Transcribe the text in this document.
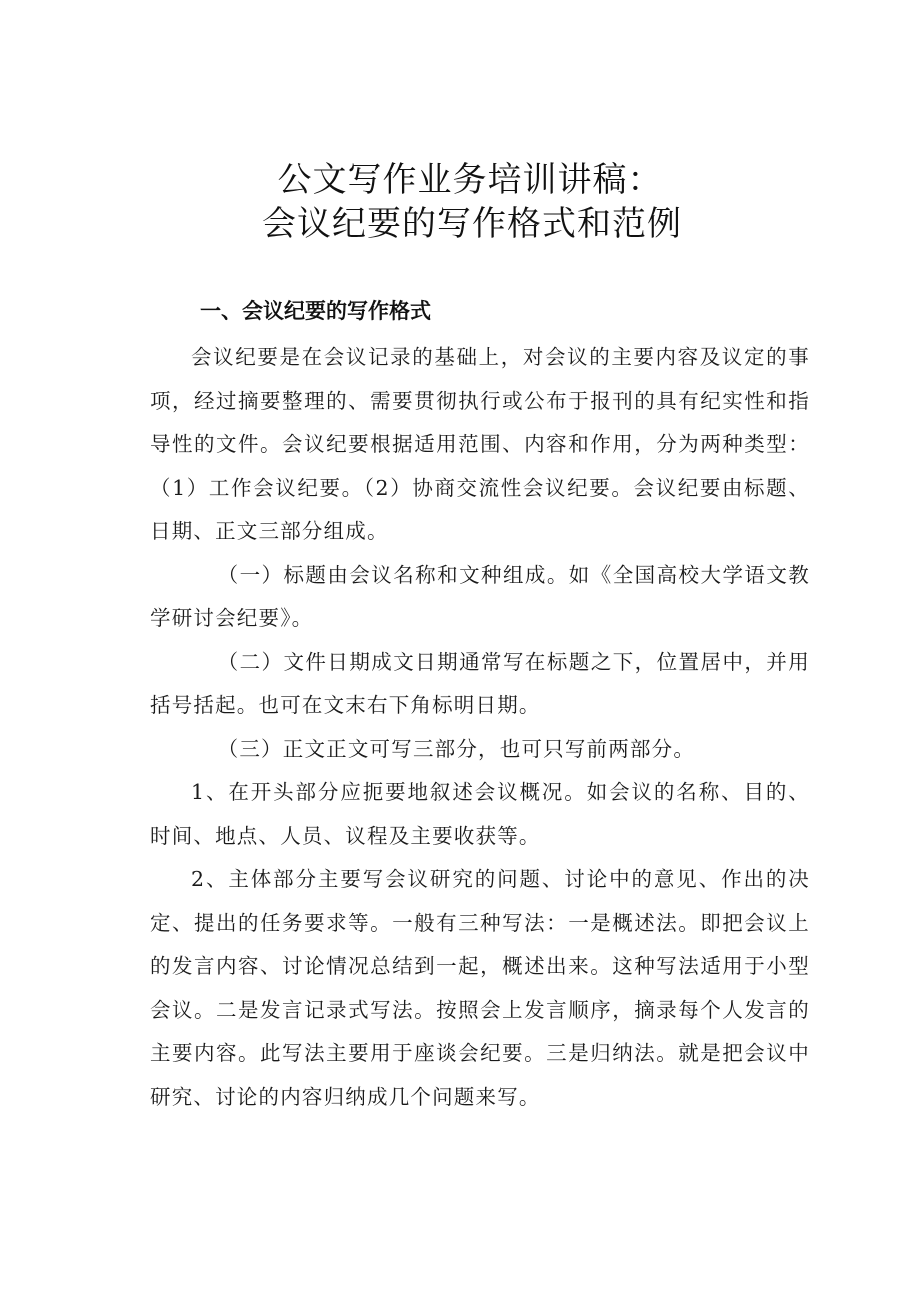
公文写作业务培训讲稿：
会议纪要的写作格式和范例
一、会议纪要的写作格式

会议纪要是在会议记录的基础上，对会议的主要内容及议定的事项，经过摘要整理的、需要贯彻执行或公布于报刊的具有纪实性和指导性的文件。会议纪要根据适用范围、内容和作用，分为两种类型：（1）工作会议纪要。（2）协商交流性会议纪要。会议纪要由标题、日期、正文三部分组成。

（一）标题由会议名称和文种组成。如《全国高校大学语文教学研讨会纪要》。

（二）文件日期成文日期通常写在标题之下，位置居中，并用括号括起。也可在文末右下角标明日期。

（三）正文正文可写三部分，也可只写前两部分。

1、在开头部分应扼要地叙述会议概况。如会议的名称、目的、时间、地点、人员、议程及主要收获等。

2、主体部分主要写会议研究的问题、讨论中的意见、作出的决定、提出的任务要求等。一般有三种写法：一是概述法。即把会议上的发言内容、讨论情况总结到一起，概述出来。这种写法适用于小型会议。二是发言记录式写法。按照会上发言顺序，摘录每个人发言的主要内容。此写法主要用于座谈会纪要。三是归纳法。就是把会议中研究、讨论的内容归纳成几个问题来写。
